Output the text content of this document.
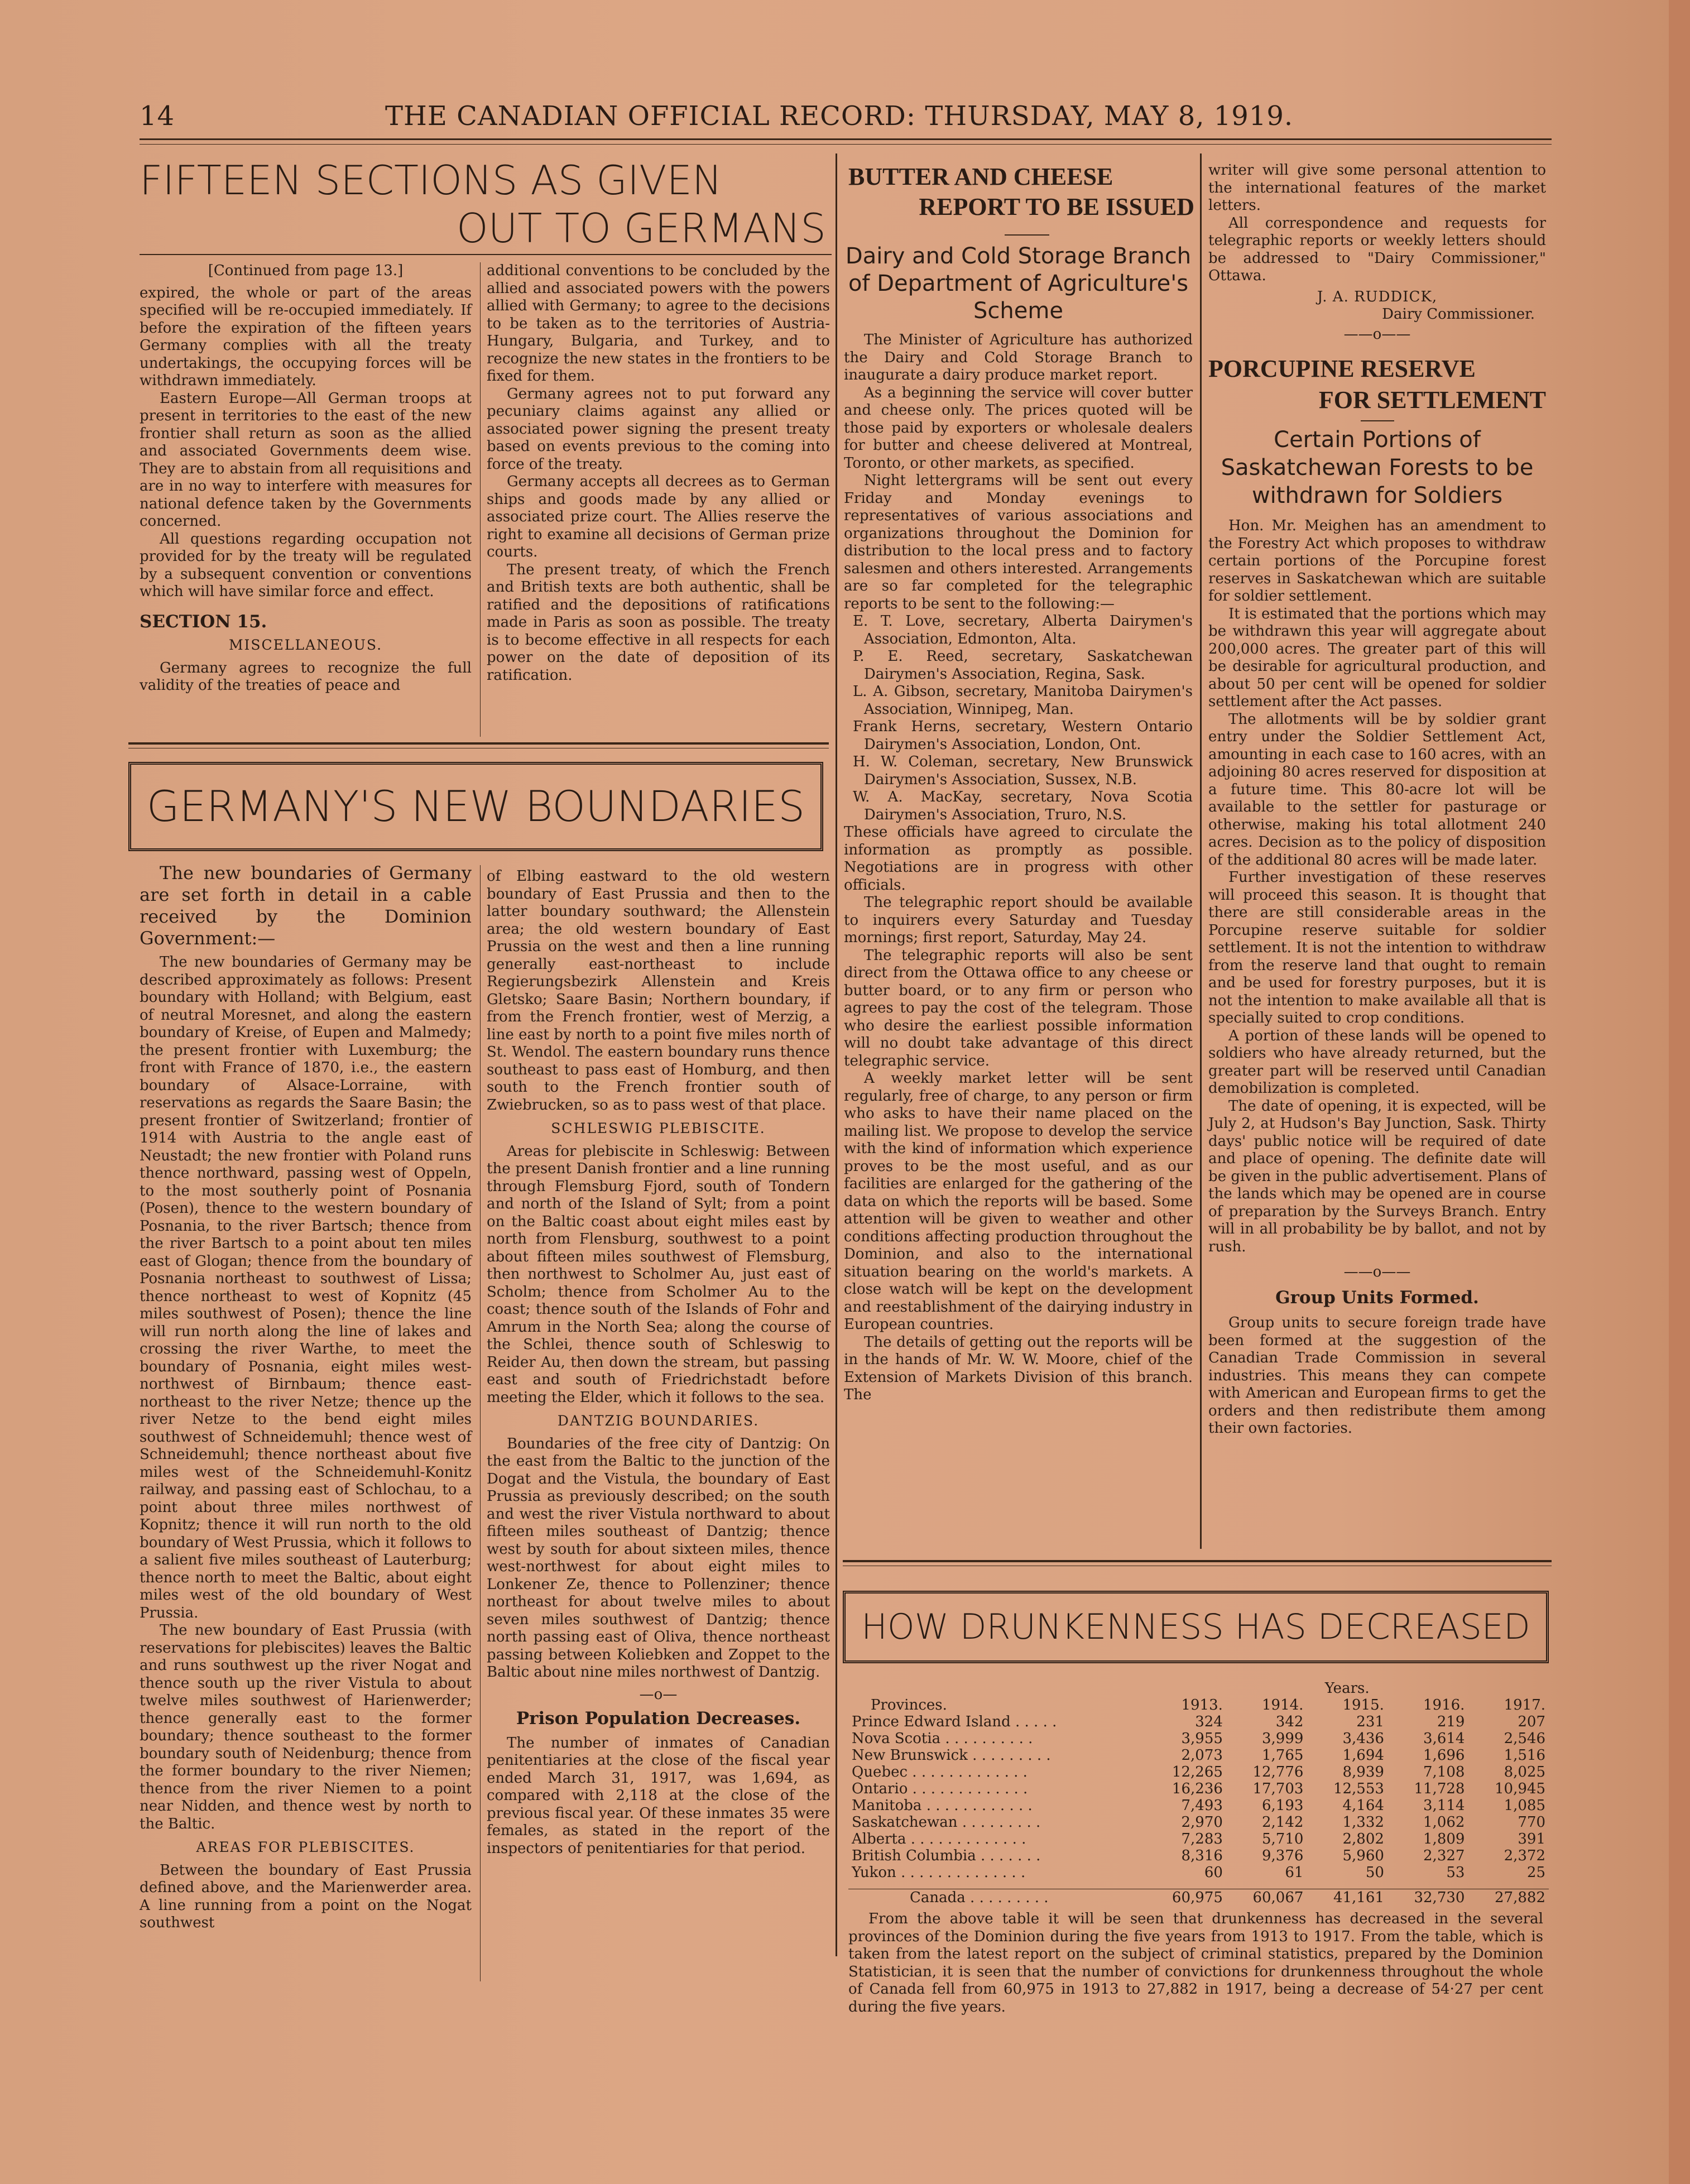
14	THE CANADIAN OFFICIAL RECORD: THURSDAY, MAY 8, 1919.
FIFTEEN SECTIONS AS GIVEN
OUT TO GERMANS
[Continued from page 13.]

expired, the whole or part of the areas specified will be re-occupied immediately. If before the expiration of the fifteen years Germany complies with all the treaty undertakings, the occupying forces will be withdrawn immediately.

Eastern Europe—All German troops at present in territories to the east of the new frontier shall return as soon as the allied and associated Governments deem wise. They are to abstain from all requisitions and are in no way to interfere with measures for national defence taken by the Governments concerned.

All questions regarding occupation not provided for by the treaty will be regulated by a subsequent convention or conventions which will have similar force and effect.

SECTION 15.
MISCELLANEOUS.

Germany agrees to recognize the full validity of the treaties of peace and

additional conventions to be concluded by the allied and associated powers with the powers allied with Germany; to agree to the decisions to be taken as to the territories of Austria-Hungary, Bulgaria, and Turkey, and to recognize the new states in the frontiers to be fixed for them.

Germany agrees not to put forward any pecuniary claims against any allied or associated power signing the present treaty based on events previous to the coming into force of the treaty.

Germany accepts all decrees as to German ships and goods made by any allied or associated prize court. The Allies reserve the right to examine all decisions of German prize courts.

The present treaty, of which the French and British texts are both authentic, shall be ratified and the depositions of ratifications made in Paris as soon as possible. The treaty is to become effective in all respects for each power on the date of deposition of its ratification.

GERMANY'S NEW BOUNDARIES

The new boundaries of Germany are set forth in detail in a cable received by the Dominion Government:—

The new boundaries of Germany may be described approximately as follows: Present boundary with Holland; with Belgium, east of neutral Moresnet, and along the eastern boundary of Kreise, of Eupen and Malmedy; the present frontier with Luxemburg; the front with France of 1870, i.e., the eastern boundary of Alsace-Lorraine, with reservations as regards the Saare Basin; the present frontier of Switzerland; frontier of 1914 with Austria to the angle east of Neustadt; the new frontier with Poland runs thence northward, passing west of Oppeln, to the most southerly point of Posnania (Posen), thence to the western boundary of Posnania, to the river Bartsch; thence from the river Bartsch to a point about ten miles east of Glogan; thence from the boundary of Posnania northeast to southwest of Lissa; thence northeast to west of Kopnitz (45 miles southwest of Posen); thence the line will run north along the line of lakes and crossing the river Warthe, to meet the boundary of Posnania, eight miles west-northwest of Birnbaum; thence east-northeast to the river Netze; thence up the river Netze to the bend eight miles southwest of Schneidemuhl; thence west of Schneidemuhl; thence northeast about five miles west of the Schneidemuhl-Konitz railway, and passing east of Schlochau, to a point about three miles northwest of Kopnitz; thence it will run north to the old boundary of West Prussia, which it follows to a salient five miles southeast of Lauterburg; thence north to meet the Baltic, about eight miles west of the old boundary of West Prussia.

The new boundary of East Prussia (with reservations for plebiscites) leaves the Baltic and runs southwest up the river Nogat and thence south up the river Vistula to about twelve miles southwest of Harienwerder; thence generally east to the former boundary; thence southeast to the former boundary south of Neidenburg; thence from the former boundary to the river Niemen; thence from the river Niemen to a point near Nidden, and thence west by north to the Baltic.

AREAS FOR PLEBISCITES.

Between the boundary of East Prussia defined above, and the Marienwerder area. A line running from a point on the Nogat southwest

of Elbing eastward to the old western boundary of East Prussia and then to the latter boundary southward; the Allenstein area; the old western boundary of East Prussia on the west and then a line running generally east-northeast to include Regierungsbezirk Allenstein and Kreis Gletsko; Saare Basin; Northern boundary, if from the French frontier, west of Merzig, a line east by north to a point five miles north of St. Wendol. The eastern boundary runs thence southeast to pass east of Homburg, and then south to the French frontier south of Zwiebrucken, so as to pass west of that place.

SCHLESWIG PLEBISCITE.

Areas for plebiscite in Schleswig: Between the present Danish frontier and a line running through Flemsburg Fjord, south of Tondern and north of the Island of Sylt; from a point on the Baltic coast about eight miles east by north from Flensburg, southwest to a point about fifteen miles southwest of Flemsburg, then northwest to Scholmer Au, just east of Scholm; thence from Scholmer Au to the coast; thence south of the Islands of Fohr and Amrum in the North Sea; along the course of the Schlei, thence south of Schleswig to Reider Au, then down the stream, but passing east and south of Friedrichstadt before meeting the Elder, which it follows to the sea.

DANTZIG BOUNDARIES.

Boundaries of the free city of Dantzig: On the east from the Baltic to the junction of the Dogat and the Vistula, the boundary of East Prussia as previously described; on the south and west the river Vistula northward to about fifteen miles southeast of Dantzig; thence west by south for about sixteen miles, thence west-northwest for about eight miles to Lonkener Ze, thence to Pollenziner; thence northeast for about twelve miles to about seven miles southwest of Dantzig; thence north passing east of Oliva, thence northeast passing between Koliebken and Zoppet to the Baltic about nine miles northwest of Dantzig.

—o—
Prison Population Decreases.

The number of inmates of Canadian penitentiaries at the close of the fiscal year ended March 31, 1917, was 1,694, as compared with 2,118 at the close of the previous fiscal year. Of these inmates 35 were females, as stated in the report of the inspectors of penitentiaries for that period.

BUTTER AND CHEESE
REPORT TO BE ISSUED
Dairy and Cold Storage Branch of Department of Agriculture's Scheme

The Minister of Agriculture has authorized the Dairy and Cold Storage Branch to inaugurate a dairy produce market report.

As a beginning the service will cover butter and cheese only. The prices quoted will be those paid by exporters or wholesale dealers for butter and cheese delivered at Montreal, Toronto, or other markets, as specified.

Night lettergrams will be sent out every Friday and Monday evenings to representatives of various associations and organizations throughout the Dominion for distribution to the local press and to factory salesmen and others interested. Arrangements are so far completed for the telegraphic reports to be sent to the following:—

E. T. Love, secretary, Alberta Dairymen's Association, Edmonton, Alta.
P. E. Reed, secretary, Saskatchewan Dairymen's Association, Regina, Sask.
L. A. Gibson, secretary, Manitoba Dairymen's Association, Winnipeg, Man.
Frank Herns, secretary, Western Ontario Dairymen's Association, London, Ont.
H. W. Coleman, secretary, New Brunswick Dairymen's Association, Sussex, N.B.
W. A. MacKay, secretary, Nova Scotia Dairymen's Association, Truro, N.S.

These officials have agreed to circulate the information as promptly as possible. Negotiations are in progress with other officials.

The telegraphic report should be available to inquirers every Saturday and Tuesday mornings; first report, Saturday, May 24.

The telegraphic reports will also be sent direct from the Ottawa office to any cheese or butter board, or to any firm or person who agrees to pay the cost of the telegram. Those who desire the earliest possible information will no doubt take advantage of this direct telegraphic service.

A weekly market letter will be sent regularly, free of charge, to any person or firm who asks to have their name placed on the mailing list. We propose to develop the service with the kind of information which experience proves to be the most useful, and as our facilities are enlarged for the gathering of the data on which the reports will be based. Some attention will be given to weather and other conditions affecting production throughout the Dominion, and also to the international situation bearing on the world's markets. A close watch will be kept on the development and reestablishment of the dairying industry in European countries.

The details of getting out the reports will be in the hands of Mr. W. W. Moore, chief of the Extension of Markets Division of this branch. The

writer will give some personal attention to the international features of the market letters.

All correspondence and requests for telegraphic reports or weekly letters should be addressed to "Dairy Commissioner," Ottawa.

J. A. RUDDICK,
Dairy Commissioner.
——o——
PORCUPINE RESERVE
FOR SETTLEMENT
Certain Portions of Saskatchewan Forests to be withdrawn for Soldiers

Hon. Mr. Meighen has an amendment to the Forestry Act which proposes to withdraw certain portions of the Porcupine forest reserves in Saskatchewan which are suitable for soldier settlement.

It is estimated that the portions which may be withdrawn this year will aggregate about 200,000 acres. The greater part of this will be desirable for agricultural production, and about 50 per cent will be opened for soldier settlement after the Act passes.

The allotments will be by soldier grant entry under the Soldier Settlement Act, amounting in each case to 160 acres, with an adjoining 80 acres reserved for disposition at a future time. This 80-acre lot will be available to the settler for pasturage or otherwise, making his total allotment 240 acres. Decision as to the policy of disposition of the additional 80 acres will be made later.

Further investigation of these reserves will proceed this season. It is thought that there are still considerable areas in the Porcupine reserve suitable for soldier settlement. It is not the intention to withdraw from the reserve land that ought to remain and be used for forestry purposes, but it is not the intention to make available all that is specially suited to crop conditions.

A portion of these lands will be opened to soldiers who have already returned, but the greater part will be reserved until Canadian demobilization is completed.

The date of opening, it is expected, will be July 2, at Hudson's Bay Junction, Sask. Thirty days' public notice will be required of date and place of opening. The definite date will be given in the public advertisement. Plans of the lands which may be opened are in course of preparation by the Surveys Branch. Entry will in all probability be by ballot, and not by rush.

——o——
Group Units Formed.

Group units to secure foreign trade have been formed at the suggestion of the Canadian Trade Commission in several industries. This means they can compete with American and European firms to get the orders and then redistribute them among their own factories.

HOW DRUNKENNESS HAS DECREASED
	Years.				
Provinces.	1913.	1914.	1915.	1916.	1917.
Prince Edward Island . . . . .	324	342	231	219	207
Nova Scotia . . . . . . . . . .	3,955	3,999	3,436	3,614	2,546
New Brunswick . . . . . . . . .	2,073	1,765	1,694	1,696	1,516
Quebec . . . . . . . . . . . . .	12,265	12,776	8,939	7,108	8,025
Ontario . . . . . . . . . . . . .	16,236	17,703	12,553	11,728	10,945
Manitoba . . . . . . . . . . . .	7,493	6,193	4,164	3,114	1,085
Saskatchewan . . . . . . . . .	2,970	2,142	1,332	1,062	770
Alberta . . . . . . . . . . . . .	7,283	5,710	2,802	1,809	391
British Columbia . . . . . . .	8,316	9,376	5,960	2,327	2,372
Yukon . . . . . . . . . . . . . .	60	61	50	53	25

Canada . . . . . . . . .	60,975	60,067	41,161	32,730	27,882

From the above table it will be seen that drunkenness has decreased in the several provinces of the Dominion during the five years from 1913 to 1917. From the table, which is taken from the latest report on the subject of criminal statistics, prepared by the Dominion Statistician, it is seen that the number of convictions for drunkenness throughout the whole of Canada fell from 60,975 in 1913 to 27,882 in 1917, being a decrease of 54·27 per cent during the five years.
